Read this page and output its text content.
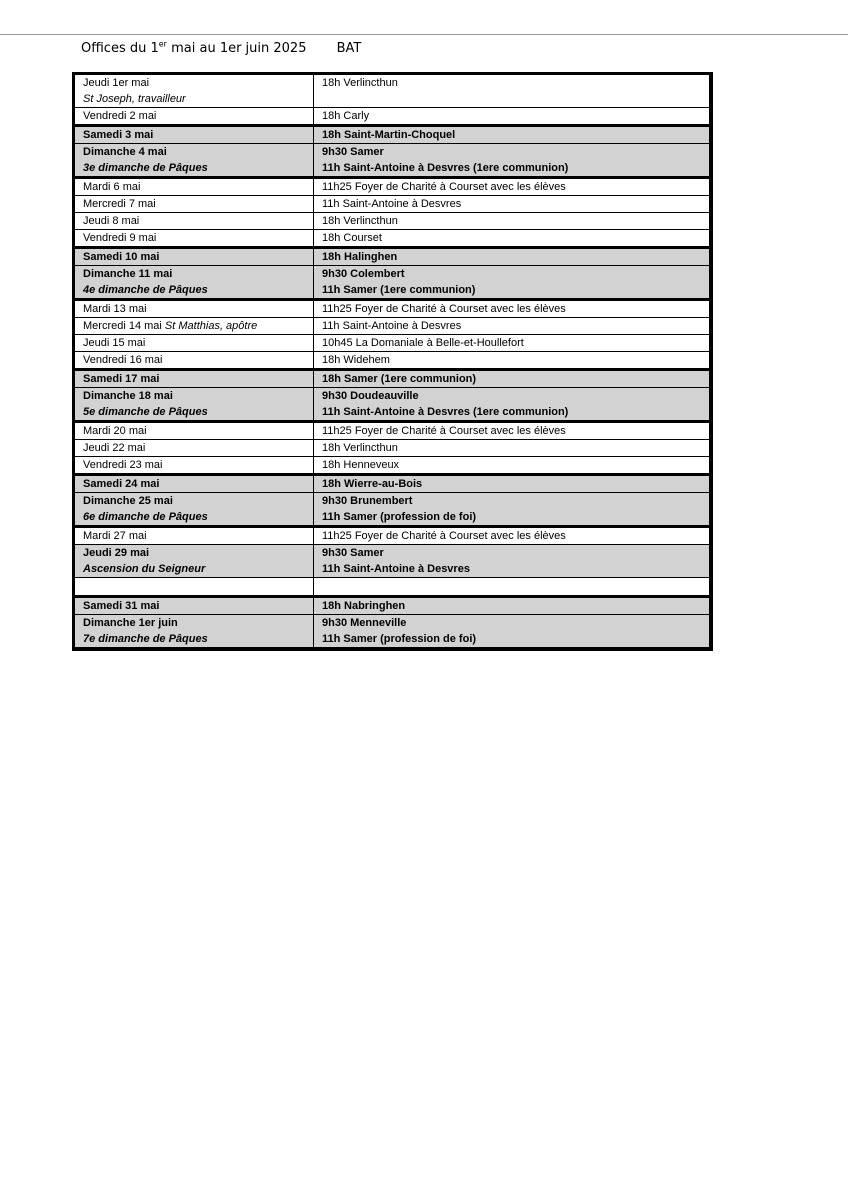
Offices du 1er mai au 1er juin 2025 BAT
Jeudi 1er mai
St Joseph, travailleur	18h Verlincthun

Vendredi 2 mai	18h Carly

Samedi 3 mai	18h Saint-Martin-Choquel

Dimanche 4 mai
3e dimanche de Pâques	9h30 Samer
11h Saint-Antoine à Desvres (1ere communion)

Mardi 6 mai	11h25 Foyer de Charité à Courset avec les élèves

Mercredi 7 mai	11h Saint-Antoine à Desvres

Jeudi 8 mai	18h Verlincthun

Vendredi 9 mai	18h Courset

Samedi 10 mai	18h Halinghen

Dimanche 11 mai
4e dimanche de Pâques	9h30 Colembert
11h Samer (1ere communion)

Mardi 13 mai	11h25 Foyer de Charité à Courset avec les élèves

Mercredi 14 mai St Matthias, apôtre	11h Saint-Antoine à Desvres

Jeudi 15 mai	10h45 La Domaniale à Belle-et-Houllefort

Vendredi 16 mai	18h Widehem

Samedi 17 mai	18h Samer (1ere communion)

Dimanche 18 mai
5e dimanche de Pâques	9h30 Doudeauville
11h Saint-Antoine à Desvres (1ere communion)

Mardi 20 mai	11h25 Foyer de Charité à Courset avec les élèves

Jeudi 22 mai	18h Verlincthun

Vendredi 23 mai	18h Henneveux

Samedi 24 mai	18h Wierre-au-Bois

Dimanche 25 mai
6e dimanche de Pâques	9h30 Brunembert
11h Samer (profession de foi)

Mardi 27 mai	11h25 Foyer de Charité à Courset avec les élèves

Jeudi 29 mai
Ascension du Seigneur	9h30 Samer
11h Saint-Antoine à Desvres

Samedi 31 mai	18h Nabringhen

Dimanche 1er juin
7e dimanche de Pâques	9h30 Menneville
11h Samer (profession de foi)
